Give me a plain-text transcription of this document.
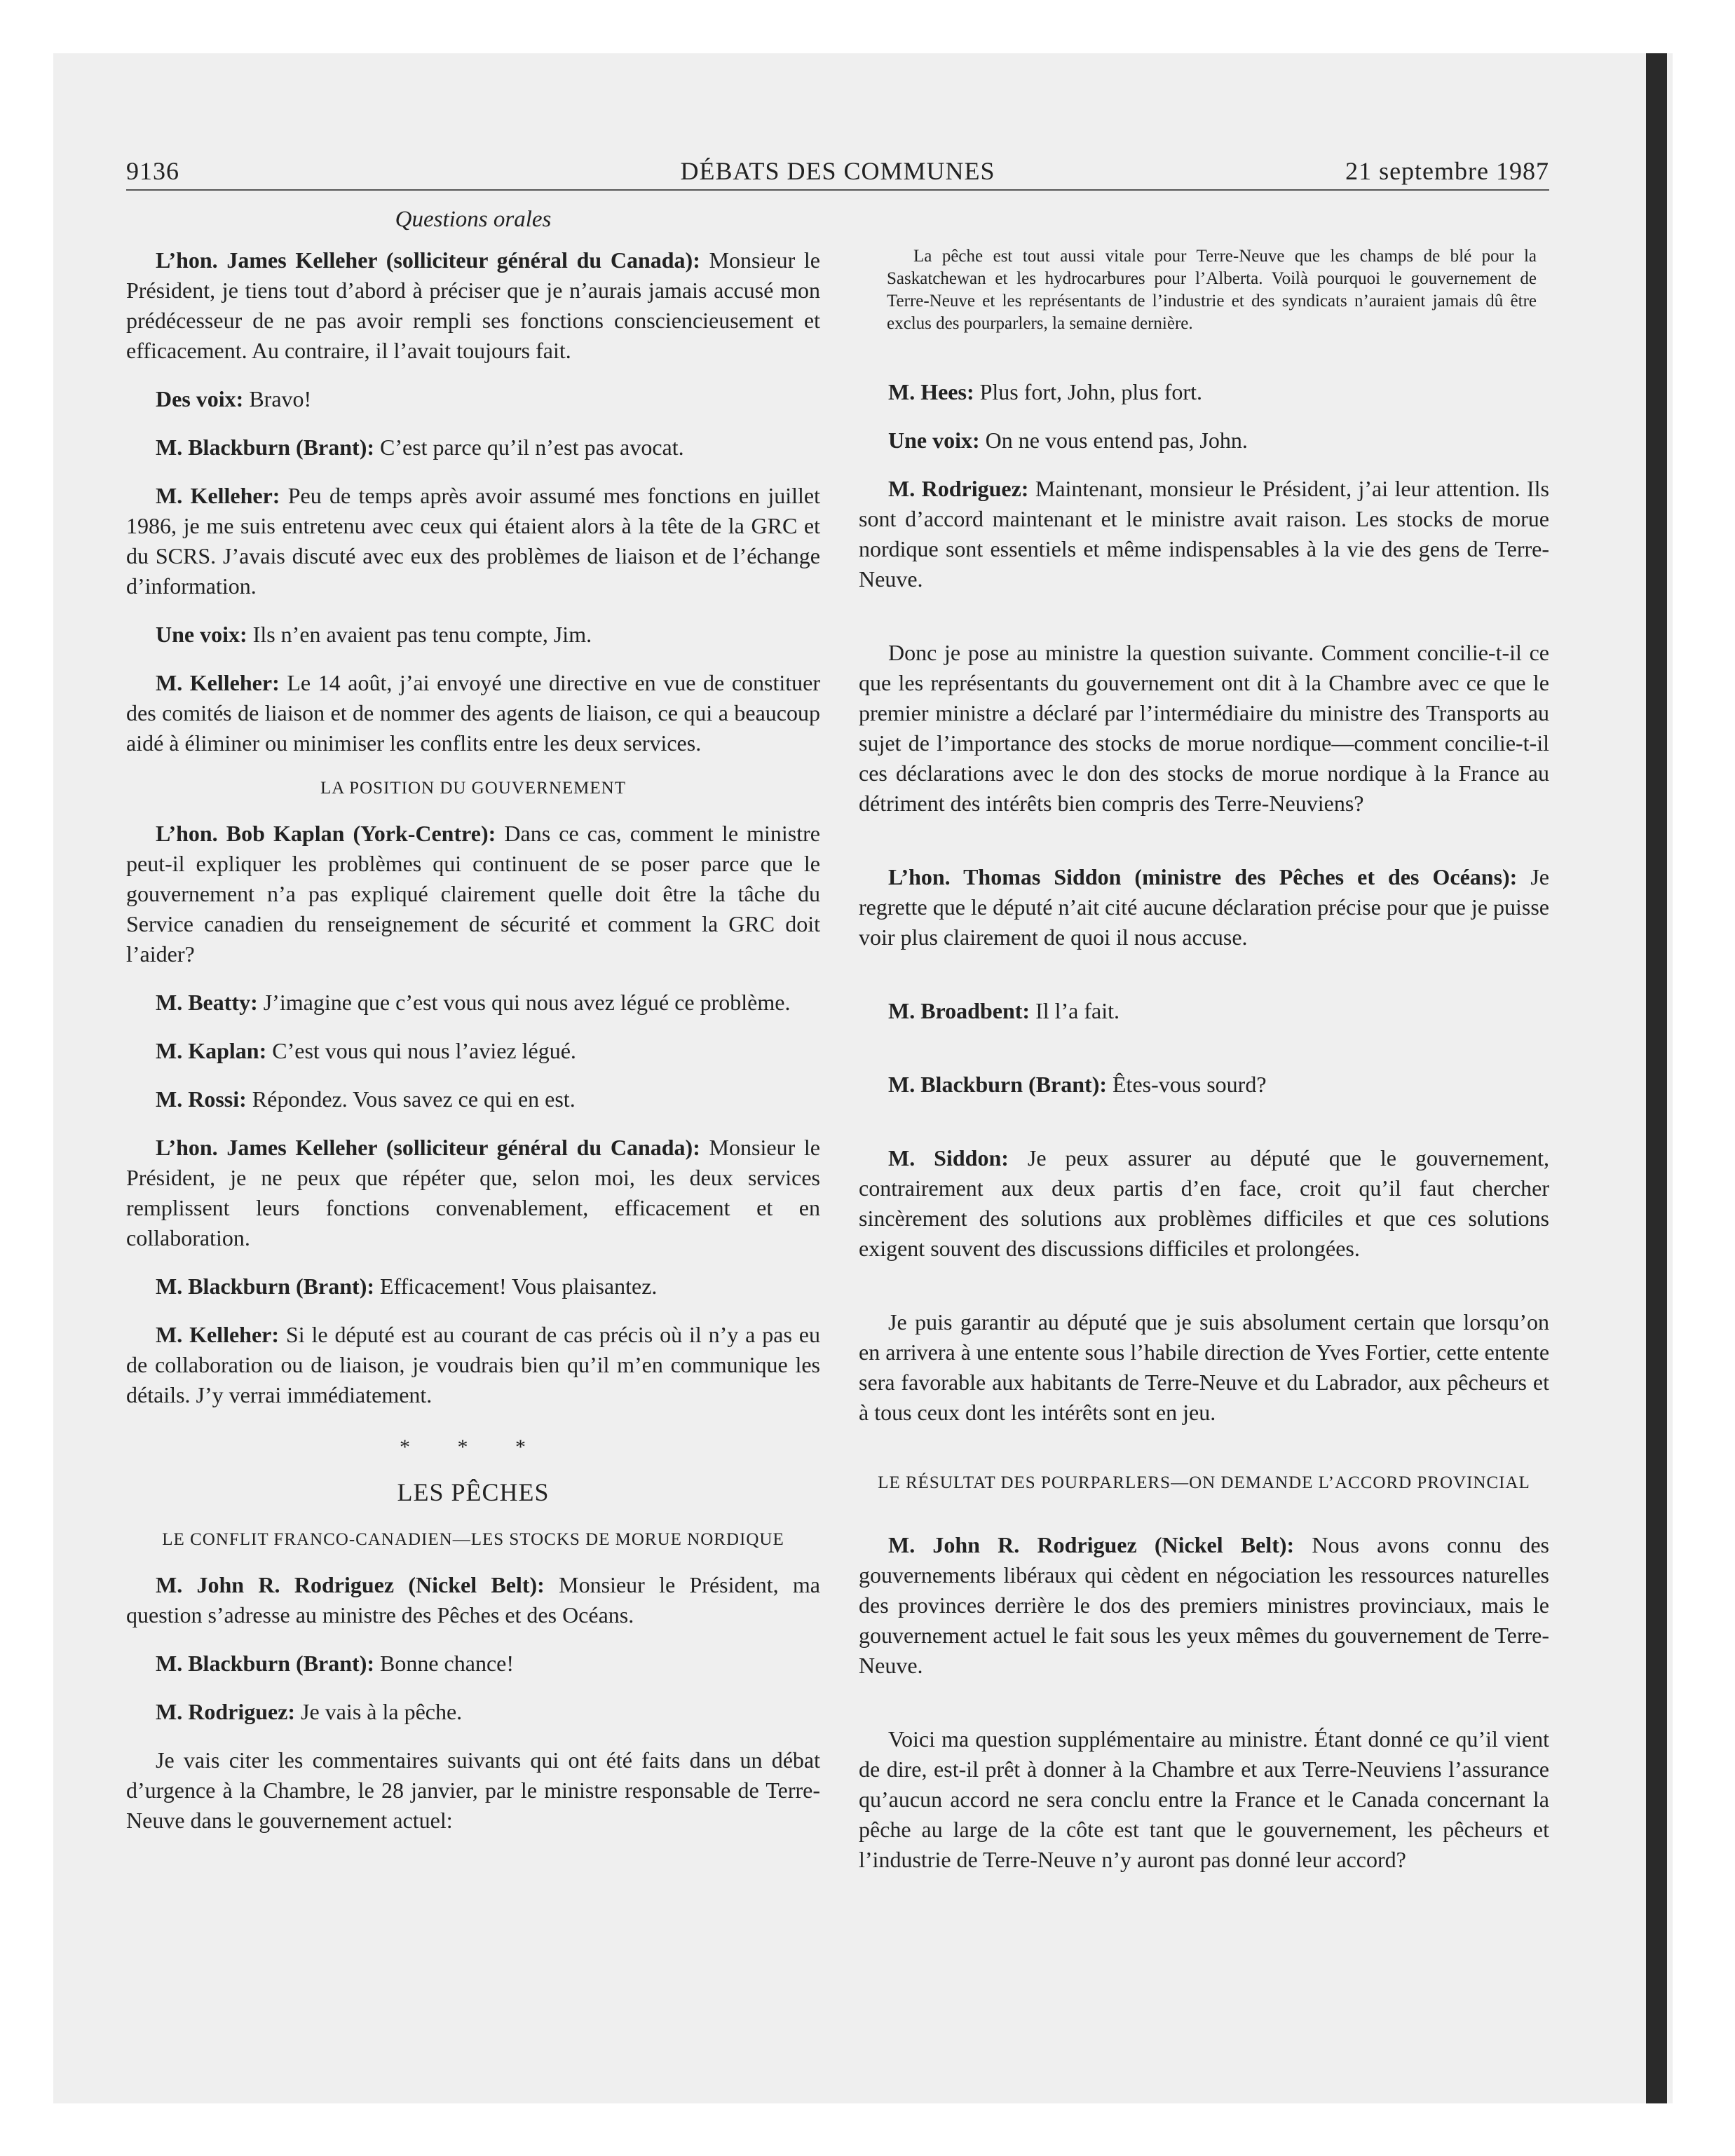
9136	DÉBATS DES COMMUNES	21 septembre 1987
Questions orales

L’hon. James Kelleher (solliciteur général du Canada): Monsieur le Président, je tiens tout d’abord à préciser que je n’aurais jamais accusé mon prédécesseur de ne pas avoir rempli ses fonctions consciencieusement et efficacement. Au contraire, il l’avait toujours fait.

Des voix: Bravo!

M. Blackburn (Brant): C’est parce qu’il n’est pas avocat.

M. Kelleher: Peu de temps après avoir assumé mes fonctions en juillet 1986, je me suis entretenu avec ceux qui étaient alors à la tête de la GRC et du SCRS. J’avais discuté avec eux des problèmes de liaison et de l’échange d’information.

Une voix: Ils n’en avaient pas tenu compte, Jim.

M. Kelleher: Le 14 août, j’ai envoyé une directive en vue de constituer des comités de liaison et de nommer des agents de liaison, ce qui a beaucoup aidé à éliminer ou minimiser les conflits entre les deux services.

LA POSITION DU GOUVERNEMENT

L’hon. Bob Kaplan (York-Centre): Dans ce cas, comment le ministre peut-il expliquer les problèmes qui continuent de se poser parce que le gouvernement n’a pas expliqué clairement quelle doit être la tâche du Service canadien du renseignement de sécurité et comment la GRC doit l’aider?

M. Beatty: J’imagine que c’est vous qui nous avez légué ce problème.

M. Kaplan: C’est vous qui nous l’aviez légué.

M. Rossi: Répondez. Vous savez ce qui en est.

L’hon. James Kelleher (solliciteur général du Canada): Monsieur le Président, je ne peux que répéter que, selon moi, les deux services remplissent leurs fonctions convenablement, efficacement et en collaboration.

M. Blackburn (Brant): Efficacement! Vous plaisantez.

M. Kelleher: Si le député est au courant de cas précis où il n’y a pas eu de collaboration ou de liaison, je voudrais bien qu’il m’en communique les détails. J’y verrai immédiatement.

* * *
LES PÊCHES
LE CONFLIT FRANCO-CANADIEN—LES STOCKS DE MORUE NORDIQUE

M. John R. Rodriguez (Nickel Belt): Monsieur le Président, ma question s’adresse au ministre des Pêches et des Océans.

M. Blackburn (Brant): Bonne chance!

M. Rodriguez: Je vais à la pêche.

Je vais citer les commentaires suivants qui ont été faits dans un débat d’urgence à la Chambre, le 28 janvier, par le ministre responsable de Terre-Neuve dans le gouvernement actuel:

La pêche est tout aussi vitale pour Terre-Neuve que les champs de blé pour la Saskatchewan et les hydrocarbures pour l’Alberta. Voilà pourquoi le gouvernement de Terre-Neuve et les représentants de l’industrie et des syndicats n’auraient jamais dû être exclus des pourparlers, la semaine dernière.

M. Hees: Plus fort, John, plus fort.

Une voix: On ne vous entend pas, John.

M. Rodriguez: Maintenant, monsieur le Président, j’ai leur attention. Ils sont d’accord maintenant et le ministre avait raison. Les stocks de morue nordique sont essentiels et même indispensables à la vie des gens de Terre-Neuve.

Donc je pose au ministre la question suivante. Comment concilie-t-il ce que les représentants du gouvernement ont dit à la Chambre avec ce que le premier ministre a déclaré par l’intermédiaire du ministre des Transports au sujet de l’importance des stocks de morue nordique—comment concilie-t-il ces déclarations avec le don des stocks de morue nordique à la France au détriment des intérêts bien compris des Terre-Neuviens?

L’hon. Thomas Siddon (ministre des Pêches et des Océans): Je regrette que le député n’ait cité aucune déclaration précise pour que je puisse voir plus clairement de quoi il nous accuse.

M. Broadbent: Il l’a fait.

M. Blackburn (Brant): Êtes-vous sourd?

M. Siddon: Je peux assurer au député que le gouvernement, contrairement aux deux partis d’en face, croit qu’il faut chercher sincèrement des solutions aux problèmes difficiles et que ces solutions exigent souvent des discussions difficiles et prolongées.

Je puis garantir au député que je suis absolument certain que lorsqu’on en arrivera à une entente sous l’habile direction de Yves Fortier, cette entente sera favorable aux habitants de Terre-Neuve et du Labrador, aux pêcheurs et à tous ceux dont les intérêts sont en jeu.

LE RÉSULTAT DES POURPARLERS—ON DEMANDE L’ACCORD PROVINCIAL

M. John R. Rodriguez (Nickel Belt): Nous avons connu des gouvernements libéraux qui cèdent en négociation les ressources naturelles des provinces derrière le dos des premiers ministres provinciaux, mais le gouvernement actuel le fait sous les yeux mêmes du gouvernement de Terre-Neuve.

Voici ma question supplémentaire au ministre. Étant donné ce qu’il vient de dire, est-il prêt à donner à la Chambre et aux Terre-Neuviens l’assurance qu’aucun accord ne sera conclu entre la France et le Canada concernant la pêche au large de la côte est tant que le gouvernement, les pêcheurs et l’industrie de Terre-Neuve n’y auront pas donné leur accord?
